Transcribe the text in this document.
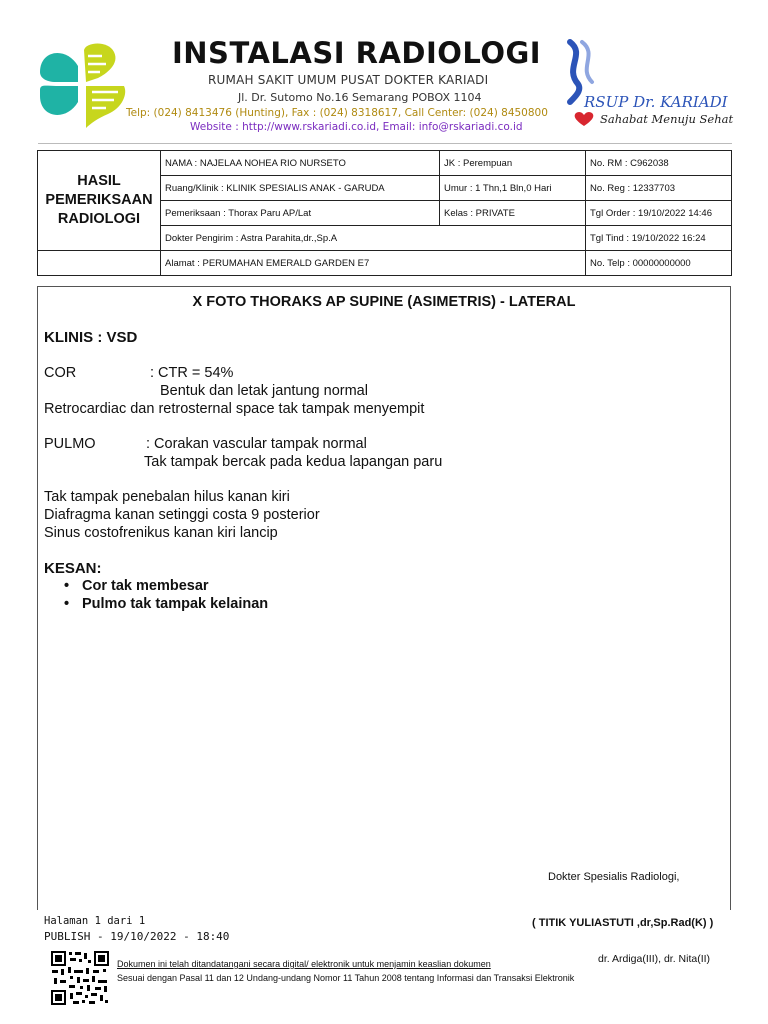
INSTALASI RADIOLOGI
RUMAH SAKIT UMUM PUSAT DOKTER KARIADI
Jl. Dr. Sutomo No.16 Semarang POBOX 1104
Telp: (024) 8413476 (Hunting), Fax : (024) 8318617, Call Center: (024) 8450800
Website : http://www.rskariadi.co.id, Email: info@rskariadi.co.id
RSUP Dr. KARIADI
Sahabat Menuju Sehat
HASIL
PEMERIKSAAN
RADIOLOGI	NAMA : NAJELAA NOHEA RIO NURSETO	JK : Perempuan	No. RM : C962038
	Ruang/Klinik : KLINIK SPESIALIS ANAK - GARUDA	Umur : 1 Thn,1 Bln,0 Hari	No. Reg : 12337703
	Pemeriksaan : Thorax Paru AP/Lat	Kelas : PRIVATE	Tgl Order : 19/10/2022 14:46
	Dokter Pengirim : Astra Parahita,dr.,Sp.A		Tgl Tind : 19/10/2022 16:24
	Alamat : PERUMAHAN EMERALD GARDEN E7		No. Telp : 00000000000
X FOTO THORAKS AP SUPINE (ASIMETRIS) - LATERAL
KLINIS : VSD
COR	: CTR = 54%
Bentuk dan letak jantung normal
Retrocardiac dan retrosternal space tak tampak menyempit
PULMO	: Corakan vascular tampak normal
Tak tampak bercak pada kedua lapangan paru
Tak tampak penebalan hilus kanan kiri
Diafragma kanan setinggi costa 9 posterior
Sinus costofrenikus kanan kiri lancip
KESAN:
• Cor tak membesar
• Pulmo tak tampak kelainan
Dokter Spesialis Radiologi,
Halaman 1 dari 1
PUBLISH - 19/10/2022 - 18:40
( TITIK YULIASTUTI ,dr,Sp.Rad(K) )
dr. Ardiga(III), dr. Nita(II)
Dokumen ini telah ditandatangani secara digital/ elektronik untuk menjamin keaslian dokumen
Sesuai dengan Pasal 11 dan 12 Undang-undang Nomor 11 Tahun 2008 tentang Informasi dan Transaksi Elektronik
